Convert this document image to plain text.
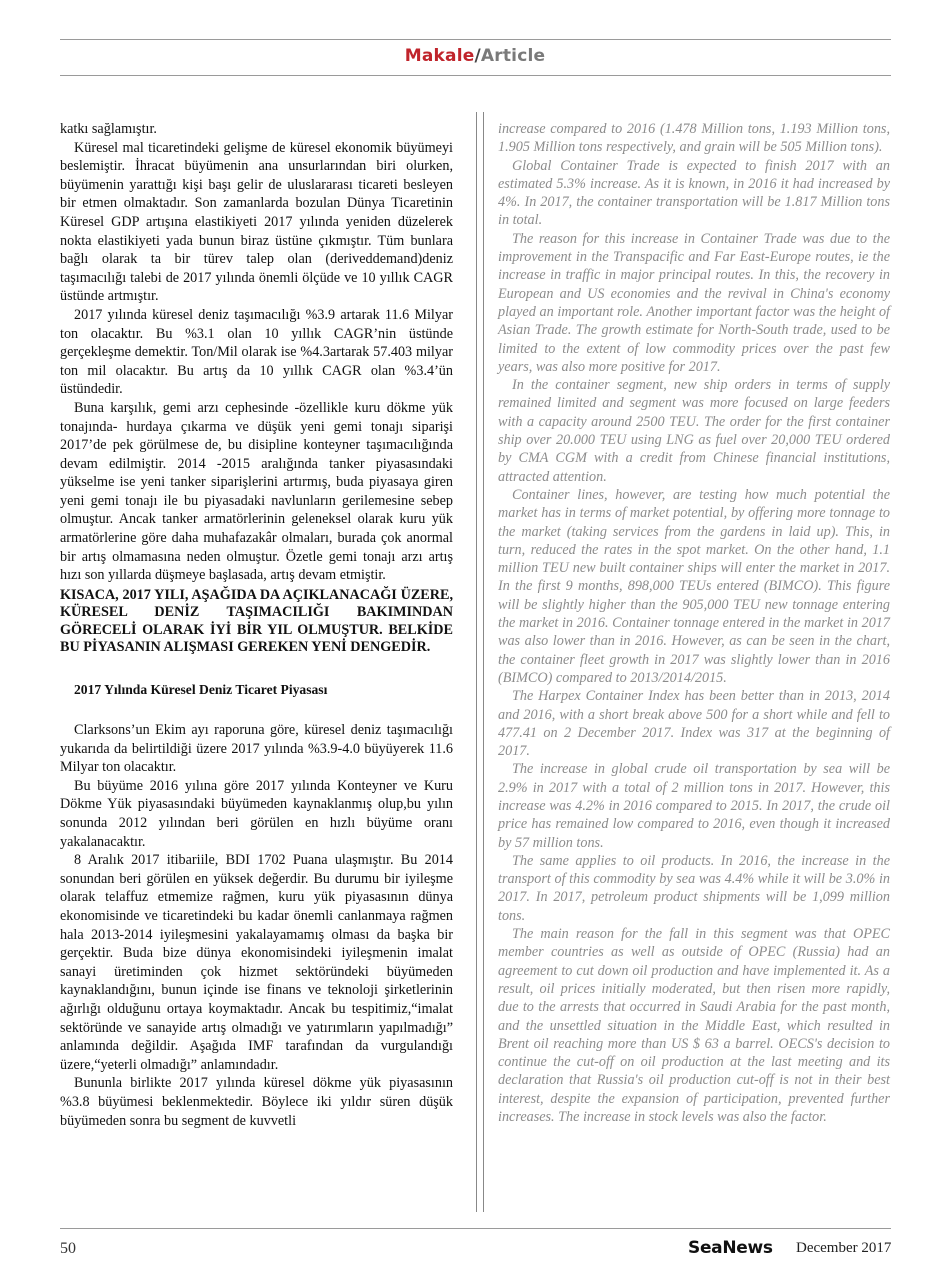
Makale/Article

katkı sağlamıştır.

Küresel mal ticaretindeki gelişme de küresel ekonomik büyümeyi beslemiştir. İhracat büyümenin ana unsurlarından biri olurken, büyümenin yarattığı kişi başı gelir de uluslararası ticareti besleyen bir etmen olmaktadır. Son zamanlarda bozulan Dünya Ticaretinin Küresel GDP artışına elastikiyeti 2017 yılında yeniden düzelerek nokta elastikiyeti yada bunun biraz üstüne çıkmıştır. Tüm bunlara bağlı olarak ta bir türev talep olan (deriveddemand)deniz taşımacılığı talebi de 2017 yılında önemli ölçüde ve 10 yıllık CAGR üstünde artmıştır.

2017 yılında küresel deniz taşımacılığı %3.9 artarak 11.6 Milyar ton olacaktır. Bu %3.1 olan 10 yıllık CAGR’nin üstünde gerçekleşme demektir. Ton/Mil olarak ise %4.3artarak 57.403 milyar ton mil olacaktır. Bu artış da 10 yıllık CAGR olan %3.4’ün üstündedir.

Buna karşılık, gemi arzı cephesinde -özellikle kuru dökme yük tonajında- hurdaya çıkarma ve düşük yeni gemi tonajı siparişi 2017’de pek görülmese de, bu disipline konteyner taşımacılığında devam edilmiştir. 2014 -2015 aralığında tanker piyasasındaki yükselme ise yeni tanker siparişlerini artırmış, buda piyasaya giren yeni gemi tonajı ile bu piyasadaki navlunların gerilemesine sebep olmuştur. Ancak tanker armatörlerinin geleneksel olarak kuru yük armatörlerine göre daha muhafazakâr olmaları, burada çok anormal bir artış olmamasına neden olmuştur. Özetle gemi tonajı arzı artış hızı son yıllarda düşmeye başlasada, artış devam etmiştir.

KISACA, 2017 YILI, AŞAĞIDA DA AÇIKLANACAĞI ÜZERE, KÜRESEL DENİZ TAŞIMACILIĞI BAKIMINDAN GÖRECELİ OLARAK İYİ BİR YIL OLMUŞTUR. BELKİDE BU PİYASANIN ALIŞMASI GEREKEN YENİ DENGEDİR.

2017 Yılında Küresel Deniz Ticaret Piyasası

Clarksons’un Ekim ayı raporuna göre, küresel deniz taşımacılığı yukarıda da belirtildiği üzere 2017 yılında %3.9-4.0 büyüyerek 11.6 Milyar ton olacaktır.

Bu büyüme 2016 yılına göre 2017 yılında Konteyner ve Kuru Dökme Yük piyasasındaki büyümeden kaynaklanmış olup,bu yılın sonunda 2012 yılından beri görülen en hızlı büyüme oranı yakalanacaktır.

8 Aralık 2017 itibariile, BDI 1702 Puana ulaşmıştır. Bu 2014 sonundan beri görülen en yüksek değerdir. Bu durumu bir iyileşme olarak telaffuz etmemize rağmen, kuru yük piyasasının dünya ekonomisinde ve ticaretindeki bu kadar önemli canlanmaya rağmen hala 2013-2014 iyileşmesini yakalayamamış olması da başka bir gerçektir. Buda bize dünya ekonomisindeki iyileşmenin imalat sanayi üretiminden çok hizmet sektöründeki büyümeden kaynaklandığını, bunun içinde ise finans ve teknoloji şirketlerinin ağırlığı olduğunu ortaya koymaktadır. Ancak bu tespitimiz,“imalat sektöründe ve sanayide artış olmadığı ve yatırımların yapılmadığı” anlamında değildir. Aşağıda IMF tarafından da vurgulandığı üzere,“yeterli olmadığı” anlamındadır.

Bununla birlikte 2017 yılında küresel dökme yük piyasasının %3.8 büyümesi beklenmektedir. Böylece iki yıldır süren düşük büyümeden sonra bu segment de kuvvetli

increase compared to 2016 (1.478 Million tons, 1.193 Million tons, 1.905 Million tons respectively, and grain will be 505 Million tons).

Global Container Trade is expected to finish 2017 with an estimated 5.3% increase. As it is known, in 2016 it had increased by 4%. In 2017, the container transportation will be 1.817 Million tons in total.

The reason for this increase in Container Trade was due to the improvement in the Transpacific and Far East-Europe routes, ie the increase in traffic in major principal routes. In this, the recovery in European and US economies and the revival in China's economy played an important role. Another important factor was the height of Asian Trade. The growth estimate for North-South trade, used to be limited to the extent of low commodity prices over the past few years, was also more positive for 2017.

In the container segment, new ship orders in terms of supply remained limited and segment was more focused on large feeders with a capacity around 2500 TEU. The order for the first container ship over 20.000 TEU using LNG as fuel over 20,000 TEU ordered by CMA CGM with a credit from Chinese financial institutions, attracted attention.

Container lines, however, are testing how much potential the market has in terms of market potential, by offering more tonnage to the market (taking services from the gardens in laid up). This, in turn, reduced the rates in the spot market. On the other hand, 1.1 million TEU new built container ships will enter the market in 2017. In the first 9 months, 898,000 TEUs entered (BIMCO). This figure will be slightly higher than the 905,000 TEU new tonnage entering the market in 2016. Container tonnage entered in the market in 2017 was also lower than in 2016. However, as can be seen in the chart, the container fleet growth in 2017 was slightly lower than in 2016 (BIMCO) compared to 2013/2014/2015.

The Harpex Container Index has been better than in 2013, 2014 and 2016, with a short break above 500 for a short while and fell to 477.41 on 2 December 2017. Index was 317 at the beginning of 2017.

The increase in global crude oil transportation by sea will be 2.9% in 2017 with a total of 2 million tons in 2017. However, this increase was 4.2% in 2016 compared to 2015. In 2017, the crude oil price has remained low compared to 2016, even though it increased by 57 million tons.

The same applies to oil products. In 2016, the increase in the transport of this commodity by sea was 4.4% while it will be 3.0% in 2017. In 2017, petroleum product shipments will be 1,099 million tons.

The main reason for the fall in this segment was that OPEC member countries as well as outside of OPEC (Russia) had an agreement to cut down oil production and have implemented it. As a result, oil prices initially moderated, but then risen more rapidly, due to the arrests that occurred in Saudi Arabia for the past month, and the unsettled situation in the Middle East, which resulted in Brent oil reaching more than US $ 63 a barrel. OECS's decision to continue the cut-off on oil production at the last meeting and its declaration that Russia's oil production cut-off is not in their best interest, despite the expansion of participation, prevented further increases. The increase in stock levels was also the factor.

50	SeaNews December 2017
